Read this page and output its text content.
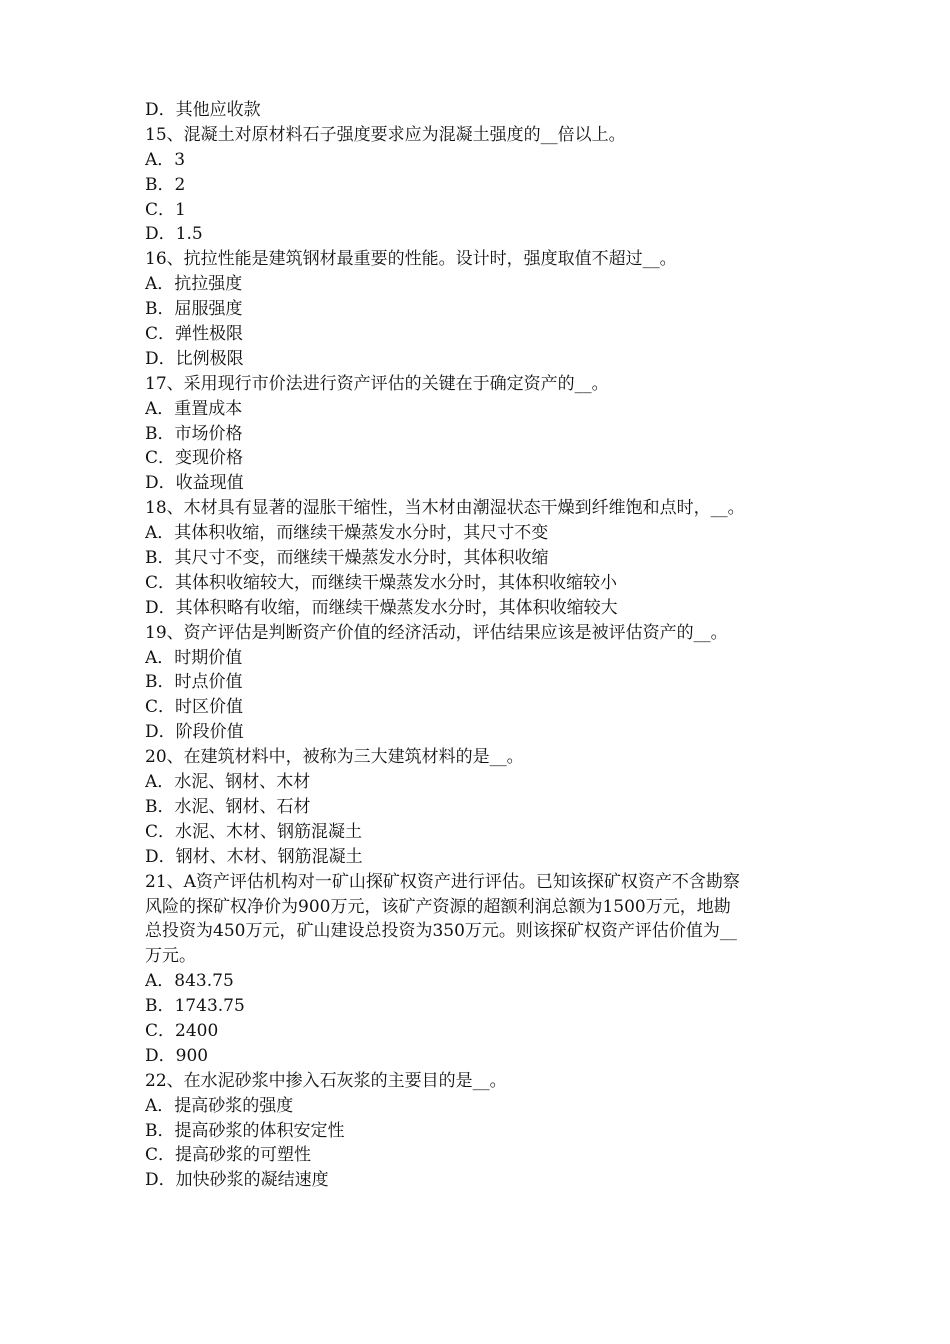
D．其他应收款
15、混凝土对原材料石子强度要求应为混凝土强度的__倍以上。
A．3
B．2
C．1
D．1.5
16、抗拉性能是建筑钢材最重要的性能。设计时，强度取值不超过__。
A．抗拉强度
B．屈服强度
C．弹性极限
D．比例极限
17、采用现行市价法进行资产评估的关键在于确定资产的__。
A．重置成本
B．市场价格
C．变现价格
D．收益现值
18、木材具有显著的湿胀干缩性，当木材由潮湿状态干燥到纤维饱和点时，__。
A．其体积收缩，而继续干燥蒸发水分时，其尺寸不变
B．其尺寸不变，而继续干燥蒸发水分时，其体积收缩
C．其体积收缩较大，而继续干燥蒸发水分时，其体积收缩较小
D．其体积略有收缩，而继续干燥蒸发水分时，其体积收缩较大
19、资产评估是判断资产价值的经济活动，评估结果应该是被评估资产的__。
A．时期价值
B．时点价值
C．时区价值
D．阶段价值
20、在建筑材料中，被称为三大建筑材料的是__。
A．水泥、钢材、木材
B．水泥、钢材、石材
C．水泥、木材、钢筋混凝土
D．钢材、木材、钢筋混凝土
21、A资产评估机构对一矿山探矿权资产进行评估。已知该探矿权资产不含勘察
风险的探矿权净价为900万元，该矿产资源的超额利润总额为1500万元，地勘
总投资为450万元，矿山建设总投资为350万元。则该探矿权资产评估价值为__
万元。
A．843.75
B．1743.75
C．2400
D．900
22、在水泥砂浆中掺入石灰浆的主要目的是__。
A．提高砂浆的强度
B．提高砂浆的体积安定性
C．提高砂浆的可塑性
D．加快砂浆的凝结速度
